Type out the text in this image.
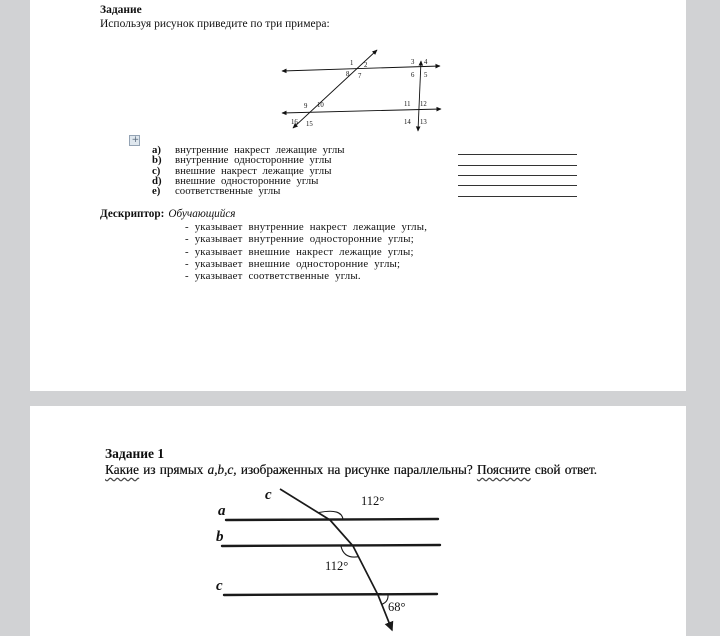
Задание
Используя рисунок приведите по три примера:
1 2
8 7
3 4
6 5
9 10
16 15
11 12
14 13
+
a) внутренние накрест лежащие углы
b) внутренние односторонние углы
c) внешние накрест лежащие углы
d) внешние односторонние углы
e) соответственные углы
Дескриптор: Обучающийся
- указывает внутренние накрест лежащие углы,
- указывает внутренние односторонние углы;
- указывает внешние накрест лежащие углы;
- указывает внешние односторонние углы;
- указывает соответственные углы.
Задание 1
Какие из прямых a,b,c, изображенных на рисунке параллельны? Поясните свой ответ.
c
a
b
c
112°
112°
68°
